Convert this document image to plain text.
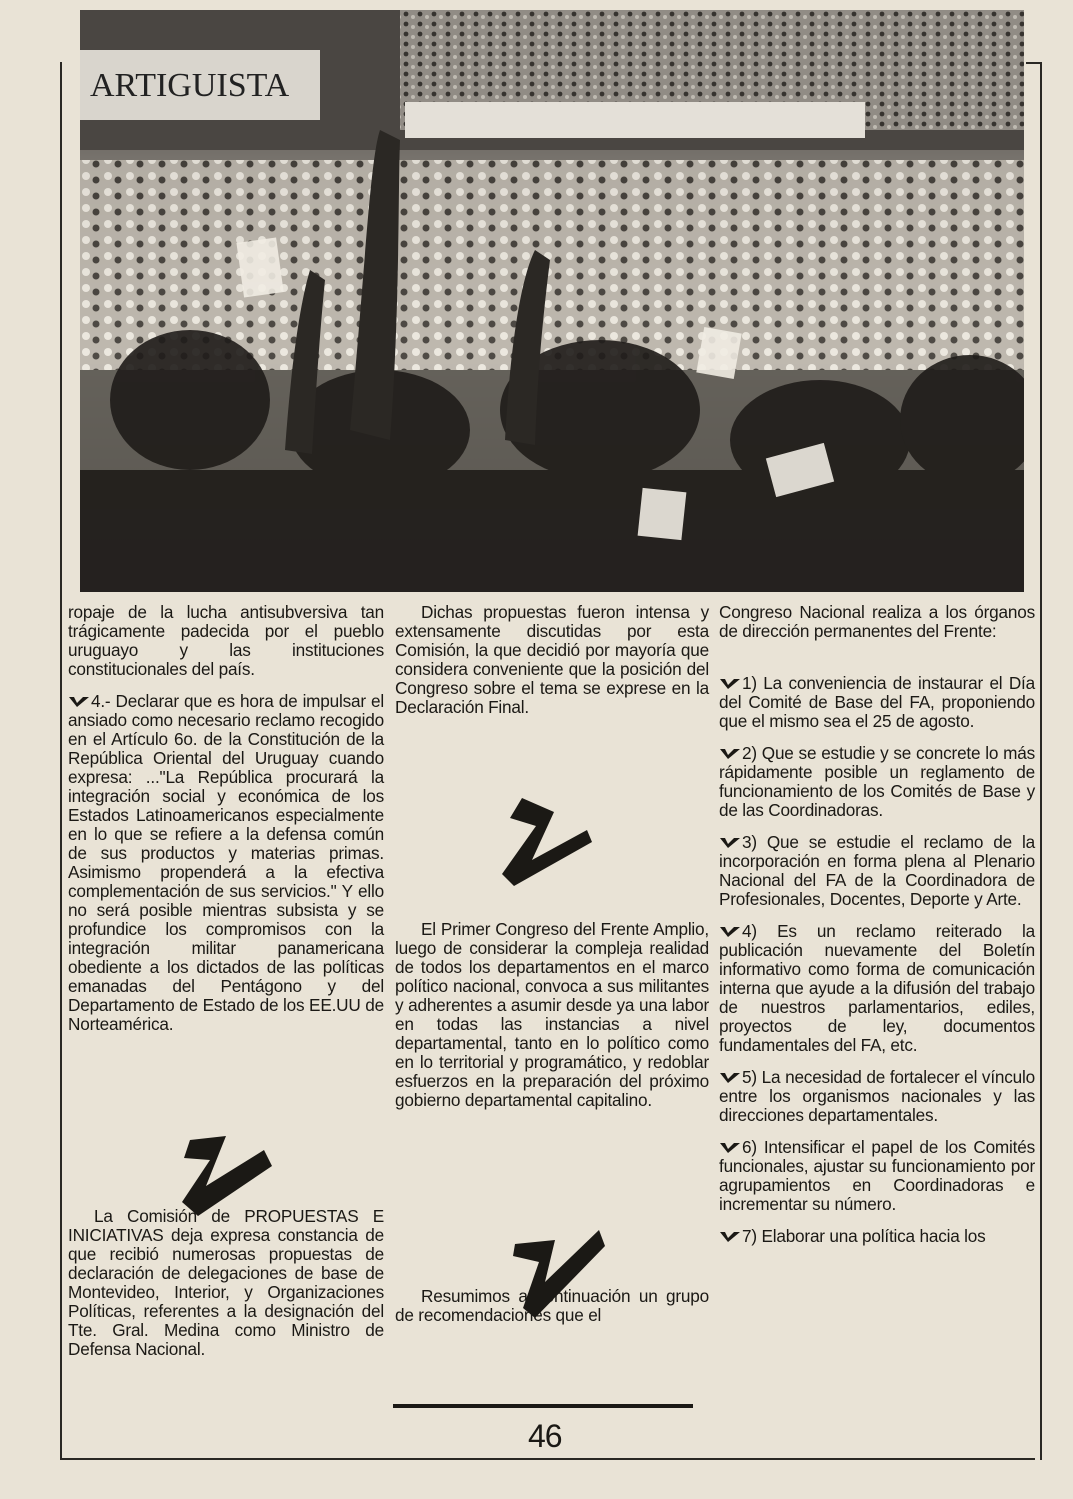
ARTIGUISTA

ropaje de la lucha antisubversiva tan trágicamente padecida por el pueblo uruguayo y las instituciones constitucionales del país.

4.- Declarar que es hora de impulsar el ansiado como necesario reclamo recogido en el Artículo 6o. de la Constitución de la República Oriental del Uruguay cuando expresa: ..."La República procurará la integración social y económica de los Estados Latinoamericanos especialmente en lo que se refiere a la defensa común de sus productos y materias primas. Asimismo propenderá a la efectiva complementación de sus servicios." Y ello no será posible mientras subsista y se profundice los compromisos con la integración militar panamericana obediente a los dictados de las políticas emanadas del Pentágono y del Departamento de Estado de los EE.UU de Norteamérica.

La Comisión de PROPUESTAS E INICIATIVAS deja expresa constancia de que recibió numerosas propuestas de declaración de delegaciones de base de Montevideo, Interior, y Organizaciones Políticas, referentes a la designación del Tte. Gral. Medina como Ministro de Defensa Nacional.

Dichas propuestas fueron intensa y extensamente discutidas por esta Comisión, la que decidió por mayoría que considera conveniente que la posición del Congreso sobre el tema se exprese en la Declaración Final.

El Primer Congreso del Frente Amplio, luego de considerar la compleja realidad de todos los departamentos en el marco político nacional, convoca a sus militantes y adherentes a asumir desde ya una labor en todas las instancias a nivel departamental, tanto en lo político como en lo territorial y programático, y redoblar esfuerzos en la preparación del próximo gobierno departamental capitalino.

Resumimos a continuación un grupo de recomendaciones que el

Congreso Nacional realiza a los órganos de dirección permanentes del Frente:

1) La conveniencia de instaurar el Día del Comité de Base del FA, proponiendo que el mismo sea el 25 de agosto.

2) Que se estudie y se concrete lo más rápidamente posible un reglamento de funcionamiento de los Comités de Base y de las Coordinadoras.

3) Que se estudie el reclamo de la incorporación en forma plena al Plenario Nacional del FA de la Coordinadora de Profesionales, Docentes, Deporte y Arte.

4) Es un reclamo reiterado la publicación nuevamente del Boletín informativo como forma de comunicación interna que ayude a la difusión del trabajo de nuestros parlamentarios, ediles, proyectos de ley, documentos fundamentales del FA, etc.

5) La necesidad de fortalecer el vínculo entre los organismos nacionales y las direcciones departamentales.

6) Intensificar el papel de los Comités funcionales, ajustar su funcionamiento por agrupamientos en Coordinadoras e incrementar su número.

7) Elaborar una política hacia los

46
